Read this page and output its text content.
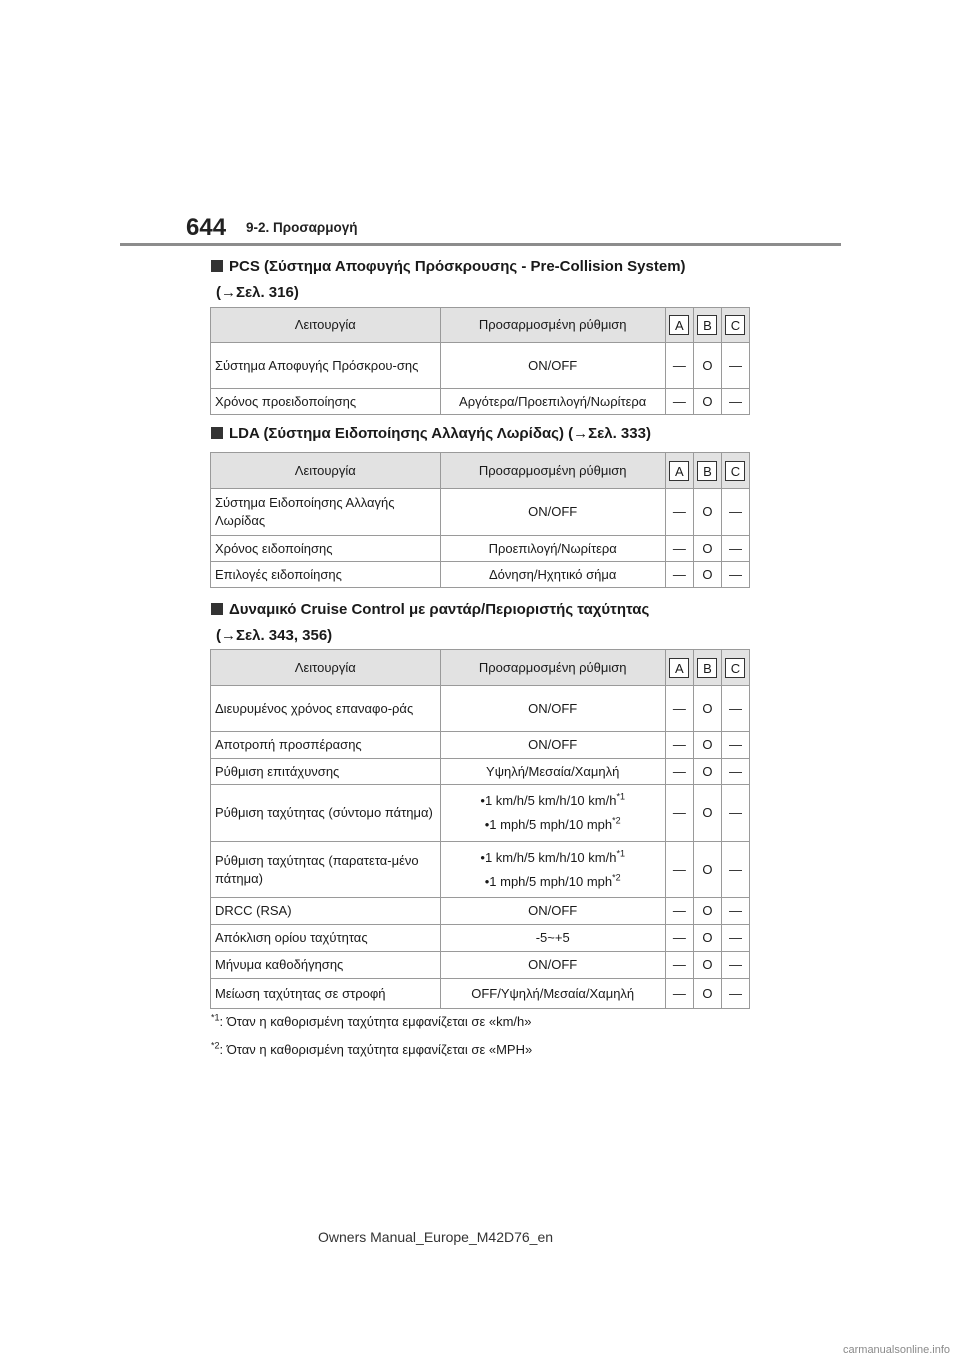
644 9-2. Προσαρμογή
PCS (Σύστημα Αποφυγής Πρόσκρουσης - Pre-Collision System)
(→Σελ. 316)
Λειτουργία	Προσαρμοσμένη ρύθμιση	A	B	C
Σύστημα Αποφυγής Πρόσκρου-σης	ON/OFF	—	O	—
Χρόνος προειδοποίησης	Αργότερα/Προεπιλογή/Νωρίτερα	—	O	—
LDA (Σύστημα Ειδοποίησης Αλλαγής Λωρίδας) (→Σελ. 333)
Λειτουργία	Προσαρμοσμένη ρύθμιση	A	B	C
Σύστημα Ειδοποίησης Αλλαγής Λωρίδας	ON/OFF	—	O	—
Χρόνος ειδοποίησης	Προεπιλογή/Νωρίτερα	—	O	—
Επιλογές ειδοποίησης	Δόνηση/Ηχητικό σήμα	—	O	—
Δυναμικό Cruise Control με ραντάρ/Περιοριστής ταχύτητας
(→Σελ. 343, 356)
Λειτουργία	Προσαρμοσμένη ρύθμιση	A	B	C
Διευρυμένος χρόνος επαναφο-ράς	ON/OFF	—	O	—
Αποτροπή προσπέρασης	ON/OFF	—	O	—
Ρύθμιση επιτάχυνσης	Υψηλή/Μεσαία/Χαμηλή	—	O	—
Ρύθμιση ταχύτητας (σύντομο πάτημα)	•1 km/h/5 km/h/10 $km/h^{*1}$
•1 mph/5 mph/10 mph$^{*2}$	—	O	—
Ρύθμιση ταχύτητας (παρατετα-μένο πάτημα)	•1 km/h/5 km/h/10 $km/h^{*1}$
•1 mph/5 mph/10 mph$^{*2}$	—	O	—
DRCC (RSA)	ON/OFF	—	O	—
Απόκλιση ορίου ταχύτητας	-5~+5	—	O	—
Μήνυμα καθοδήγησης	ON/OFF	—	O	—
Μείωση ταχύτητας σε στροφή	OFF/Υψηλή/Μεσαία/Χαμηλή	—	O	—
$^{*1}$: Όταν η καθορισμένη ταχύτητα εμφανίζεται σε «km/h»
$^{*2}$: Όταν η καθορισμένη ταχύτητα εμφανίζεται σε «MPH»
Owners Manual_Europe_M42D76_en
carmanualsonline.info
